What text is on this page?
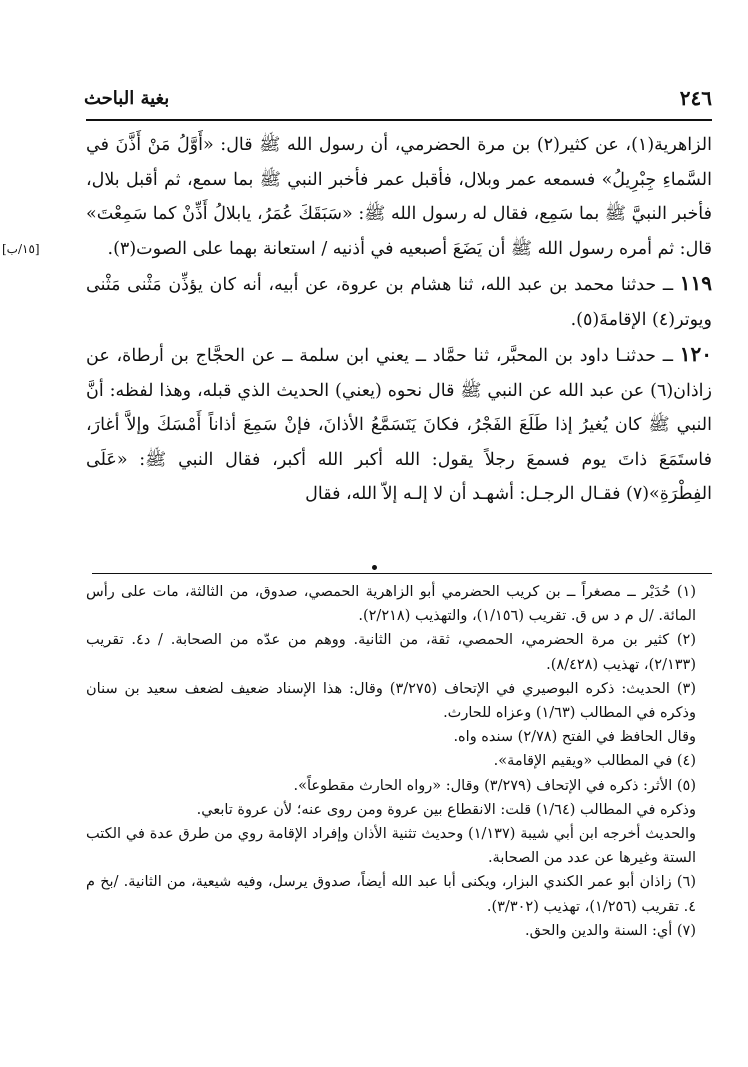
٢٤٦
بغية الباحث
[١٥/ب]

الزاهرية(١)، عن كثير(٢) بن مرة الحضرمي، أن رسول الله ﷺ قال: «أَوَّلُ مَنْ أَذَّنَ في السَّماءِ جِبْرِيلُ» فسمعه عمر وبلال، فأقبل عمر فأخبر النبي ﷺ بما سمع، ثم أقبل بلال، فأخبر النبيَّ ﷺ بما سَمِع، فقال له رسول الله ﷺ: «سَبَقَكَ عُمَرُ، يابلالُ أَذِّنْ كما سَمِعْتَ» قال: ثم أمره رسول الله ﷺ أن يَضَعَ أصبعيه في أذنيه / استعانة بهما على الصوت(٣).

١١٩ ــ حدثنا محمد بن عبد الله، ثنا هشام بن عروة، عن أبيه، أنه كان يؤذِّن مَثْنى مَثْنى ويوتر(٤) الإقامةَ(٥).

١٢٠ ــ حدثنـا داود بن المحبَّر، ثنا حمَّاد ــ يعني ابن سلمة ــ عن الحجَّاج بن أرطاة، عن زاذان(٦) عن عبد الله عن النبي ﷺ قال نحوه (يعني) الحديث الذي قبله، وهذا لفظه: أنَّ النبي ﷺ كان يُغيرُ إذا طَلَعَ الفَجْرُ، فكانَ يَتَسَمَّعُ الأذانَ، فإنْ سَمِعَ أذاناً أَمْسَكَ وإلاَّ أغارَ، فاستَمَعَ ذاتَ يوم فسمعَ رجلاً يقول: الله أكبر الله أكبر، فقال النبي ﷺ: «عَلَى الفِطْرَةِ»(٧) فقـال الرجـل: أشهـد أن لا إلـه إلاّ الله، فقال

(١) حُدَيْر ــ مصغراً ــ بن كريب الحضرمي أبو الزاهرية الحمصي، صدوق، من الثالثة، مات على رأس المائة. /ل م د س ق. تقريب (١/١٥٦)، والتهذيب (٢/٢١٨).

(٢) كثير بن مرة الحضرمي، الحمصي، ثقة، من الثانية. ووهم من عدّه من الصحابة. / د٤. تقريب (٢/١٣٣)، تهذيب (٨/٤٢٨).

(٣) الحديث: ذكره البوصيري في الإتحاف (٣/٢٧٥) وقال: هذا الإسناد ضعيف لضعف سعيد بن سنان وذكره في المطالب (١/٦٣) وعزاه للحارث.

وقال الحافظ في الفتح (٢/٧٨) سنده واه.

(٤) في المطالب «ويقيم الإقامة».

(٥) الأثر: ذكره في الإتحاف (٣/٢٧٩) وقال: «رواه الحارث مقطوعاً».

وذكره في المطالب (١/٦٤) قلت: الانقطاع بين عروة ومن روى عنه؛ لأن عروة تابعي.

والحديث أخرجه ابن أبي شيبة (١/١٣٧) وحديث تثنية الأذان وإفراد الإقامة روي من طرق عدة في الكتب الستة وغيرها عن عدد من الصحابة.

(٦) زاذان أبو عمر الكندي البزار، ويكنى أبا عبد الله أيضاً، صدوق يرسل، وفيه شيعية، من الثانية. /بخ م ٤. تقريب (١/٢٥٦)، تهذيب (٣/٣٠٢).

(٧) أي: السنة والدين والحق.
